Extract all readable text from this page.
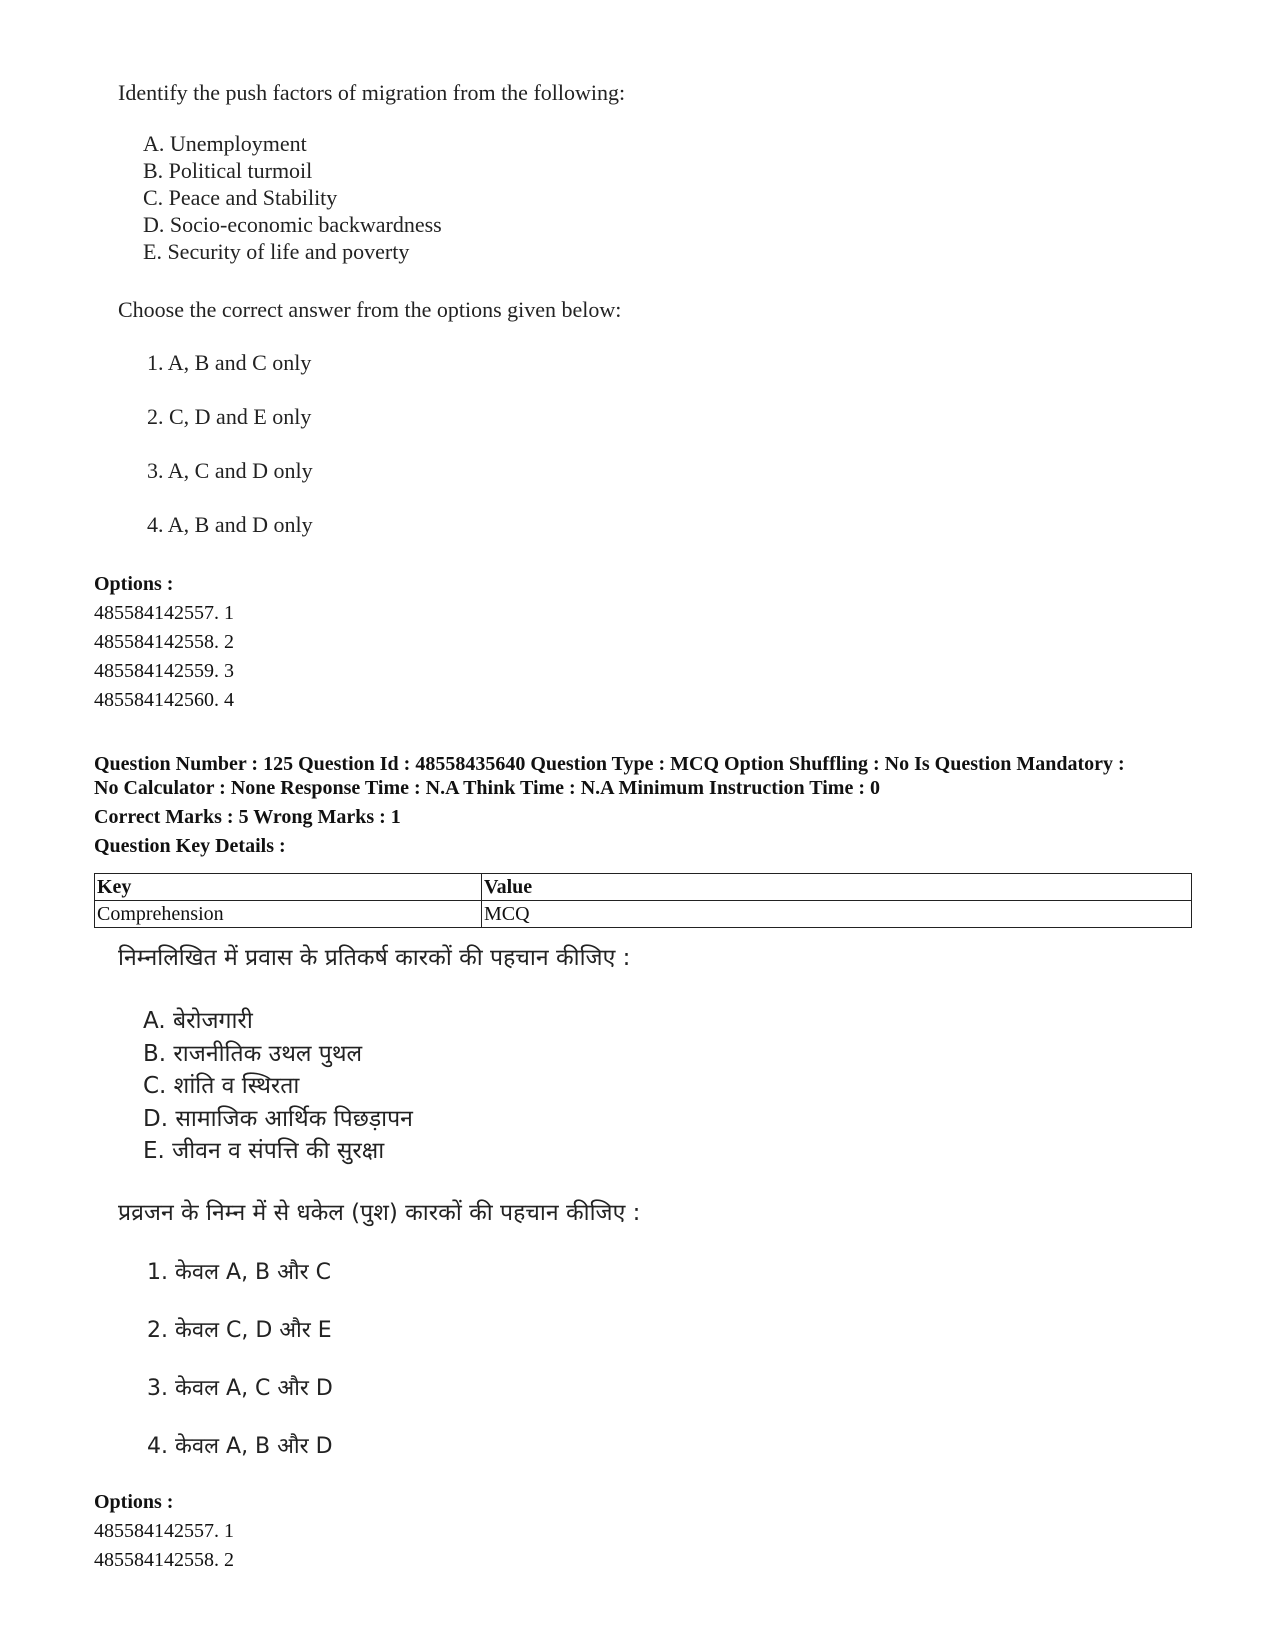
Identify the push factors of migration from the following:

A. Unemployment

B. Political turmoil

C. Peace and Stability

D. Socio-economic backwardness

E. Security of life and poverty

Choose the correct answer from the options given below:

1. A, B and C only

2. C, D and E only

3. A, C and D only

4. A, B and D only

Options :

485584142557. 1

485584142558. 2

485584142559. 3

485584142560. 4

Question Number : 125 Question Id : 48558435640 Question Type : MCQ Option Shuffling : No Is Question Mandatory :

No Calculator : None Response Time : N.A Think Time : N.A Minimum Instruction Time : 0

Correct Marks : 5 Wrong Marks : 1

Question Key Details :

Key	Value
Comprehension	MCQ

निम्नलिखित में प्रवास के प्रतिकर्ष कारकों की पहचान कीजिए :

A. बेरोजगारी

B. राजनीतिक उथल पुथल

C. शांति व स्थिरता

D. सामाजिक आर्थिक पिछड़ापन

E. जीवन व संपत्ति की सुरक्षा

प्रव्रजन के निम्न में से धकेल (पुश) कारकों की पहचान कीजिए :

1. केवल A, B और C

2. केवल C, D और E

3. केवल A, C और D

4. केवल A, B और D

Options :

485584142557. 1

485584142558. 2
